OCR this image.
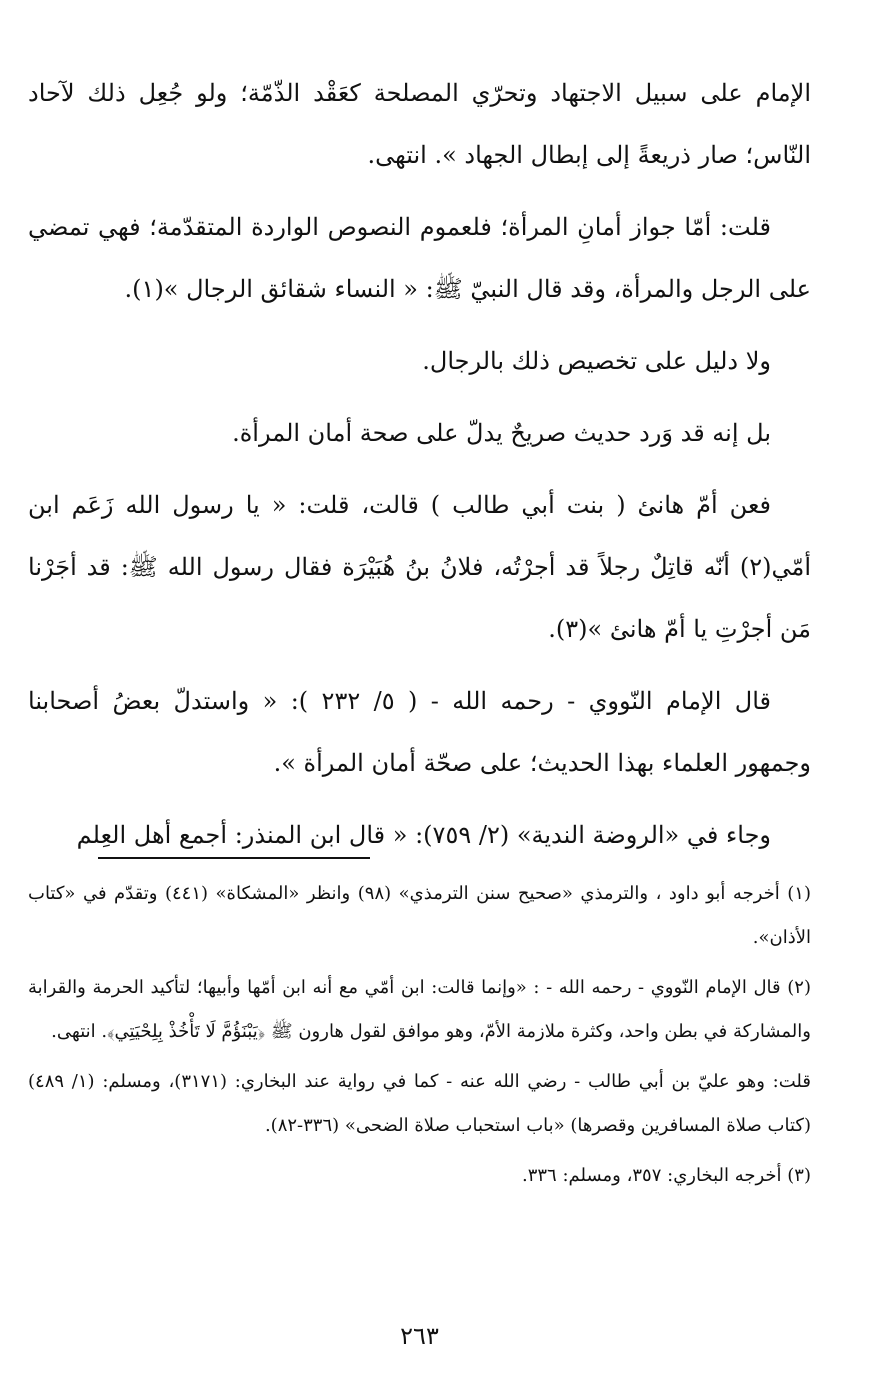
الإمام على سبيل الاجتهاد وتحرّي المصلحة كعَقْد الذّمّة؛ ولو جُعِل ذلك لآحاد النّاس؛ صار ذريعةً إلى إبطال الجهاد ». انتهى.

قلت: أمّا جواز أمانِ المرأة؛ فلعموم النصوص الواردة المتقدّمة؛ فهي تمضي على الرجل والمرأة، وقد قال النبيّ ﷺ: « النساء شقائق الرجال »(١).

ولا دليل على تخصيص ذلك بالرجال.

بل إنه قد وَرد حديث صريحٌ يدلّ على صحة أمان المرأة.

فعن أمّ هانئ ( بنت أبي طالب ) قالت، قلت: « يا رسول الله زَعَم ابن أمّي(٢) أنّه قاتِلٌ رجلاً قد أجرْتُه، فلانُ بنُ هُبَيْرَة فقال رسول الله ﷺ: قد أجَرْنا مَن أجرْتِ يا أمّ هانئ »(٣).

قال الإمام النّووي - رحمه الله - ( ٥/ ٢٣٢ ): « واستدلّ بعضُ أصحابنا وجمهور العلماء بهذا الحديث؛ على صحّة أمان المرأة ».

وجاء في «الروضة الندية» (٢/ ٧٥٩): « قال ابن المنذر: أجمع أهل العِلم

(١) أخرجه أبو داود ، والترمذي «صحيح سنن الترمذي» (٩٨) وانظر «المشكاة» (٤٤١) وتقدّم في «كتاب الأذان».

(٢) قال الإمام النّووي - رحمه الله - : «وإنما قالت: ابن أمّي مع أنه ابن أمّها وأبيها؛ لتأكيد الحرمة والقرابة والمشاركة في بطن واحد، وكثرة ملازمة الأمّ، وهو موافق لقول هارون ﷺ ﴿يَبْنَؤُمَّ لَا تَأْخُذْ بِلِحْيَتِي﴾. انتهى.

قلت: وهو عليّ بن أبي طالب - رضي الله عنه - كما في رواية عند البخاري: (٣١٧١)، ومسلم: (١/ ٤٨٩) (كتاب صلاة المسافرين وقصرها) «باب استحباب صلاة الضحى» (٣٣٦-٨٢).

(٣) أخرجه البخاري: ٣٥٧، ومسلم: ٣٣٦.

٢٦٣
